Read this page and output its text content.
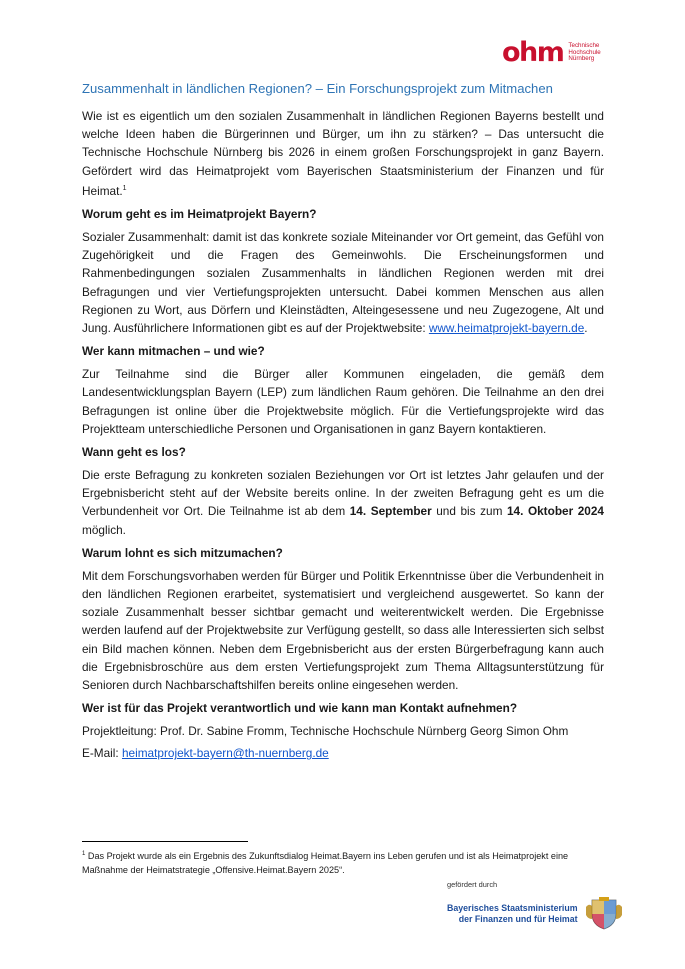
ohm Technische
Hochschule
Nürnberg
Zusammenhalt in ländlichen Regionen? – Ein Forschungsprojekt zum Mitmachen

Wie ist es eigentlich um den sozialen Zusammenhalt in ländlichen Regionen Bayerns bestellt und welche Ideen haben die Bürgerinnen und Bürger, um ihn zu stärken? – Das untersucht die Technische Hochschule Nürnberg bis 2026 in einem großen Forschungsprojekt in ganz Bayern. Gefördert wird das Heimatprojekt vom Bayerischen Staatsministerium der Finanzen und für Heimat.$^1$

Worum geht es im Heimatprojekt Bayern?

Sozialer Zusammenhalt: damit ist das konkrete soziale Miteinander vor Ort gemeint, das Gefühl von Zugehörigkeit und die Fragen des Gemeinwohls. Die Erscheinungsformen und Rahmenbedingungen sozialen Zusammenhalts in ländlichen Regionen werden mit drei Befragungen und vier Vertiefungsprojekten untersucht. Dabei kommen Menschen aus allen Regionen zu Wort, aus Dörfern und Kleinstädten, Alteingesessene und neu Zugezogene, Alt und Jung. Ausführlichere Informationen gibt es auf der Projektwebsite: www.heimatprojekt-bayern.de.

Wer kann mitmachen – und wie?

Zur Teilnahme sind die Bürger aller Kommunen eingeladen, die gemäß dem Landesentwicklungsplan Bayern (LEP) zum ländlichen Raum gehören. Die Teilnahme an den drei Befragungen ist online über die Projektwebsite möglich. Für die Vertiefungsprojekte wird das Projektteam unterschiedliche Personen und Organisationen in ganz Bayern kontaktieren.

Wann geht es los?

Die erste Befragung zu konkreten sozialen Beziehungen vor Ort ist letztes Jahr gelaufen und der Ergebnisbericht steht auf der Website bereits online. In der zweiten Befragung geht es um die Verbundenheit vor Ort. Die Teilnahme ist ab dem 14. September und bis zum 14. Oktober 2024 möglich.

Warum lohnt es sich mitzumachen?

Mit dem Forschungsvorhaben werden für Bürger und Politik Erkenntnisse über die Verbundenheit in den ländlichen Regionen erarbeitet, systematisiert und vergleichend ausgewertet. So kann der soziale Zusammenhalt besser sichtbar gemacht und weiterentwickelt werden. Die Ergebnisse werden laufend auf der Projektwebsite zur Verfügung gestellt, so dass alle Interessierten sich selbst ein Bild machen können. Neben dem Ergebnisbericht aus der ersten Bürgerbefragung kann auch die Ergebnisbroschüre aus dem ersten Vertiefungsprojekt zum Thema Alltagsunterstützung für Senioren durch Nachbarschaftshilfen bereits online eingesehen werden.

Wer ist für das Projekt verantwortlich und wie kann man Kontakt aufnehmen?

Projektleitung: Prof. Dr. Sabine Fromm, Technische Hochschule Nürnberg Georg Simon Ohm

E-Mail: heimatprojekt-bayern@th-nuernberg.de

$^1$ Das Projekt wurde als ein Ergebnis des Zukunftsdialog Heimat.Bayern ins Leben gerufen und ist als Heimatprojekt eine Maßnahme der Heimatstrategie „Offensive.Heimat.Bayern 2025“.
gefördert durch
Bayerisches Staatsministerium
der Finanzen und für Heimat
